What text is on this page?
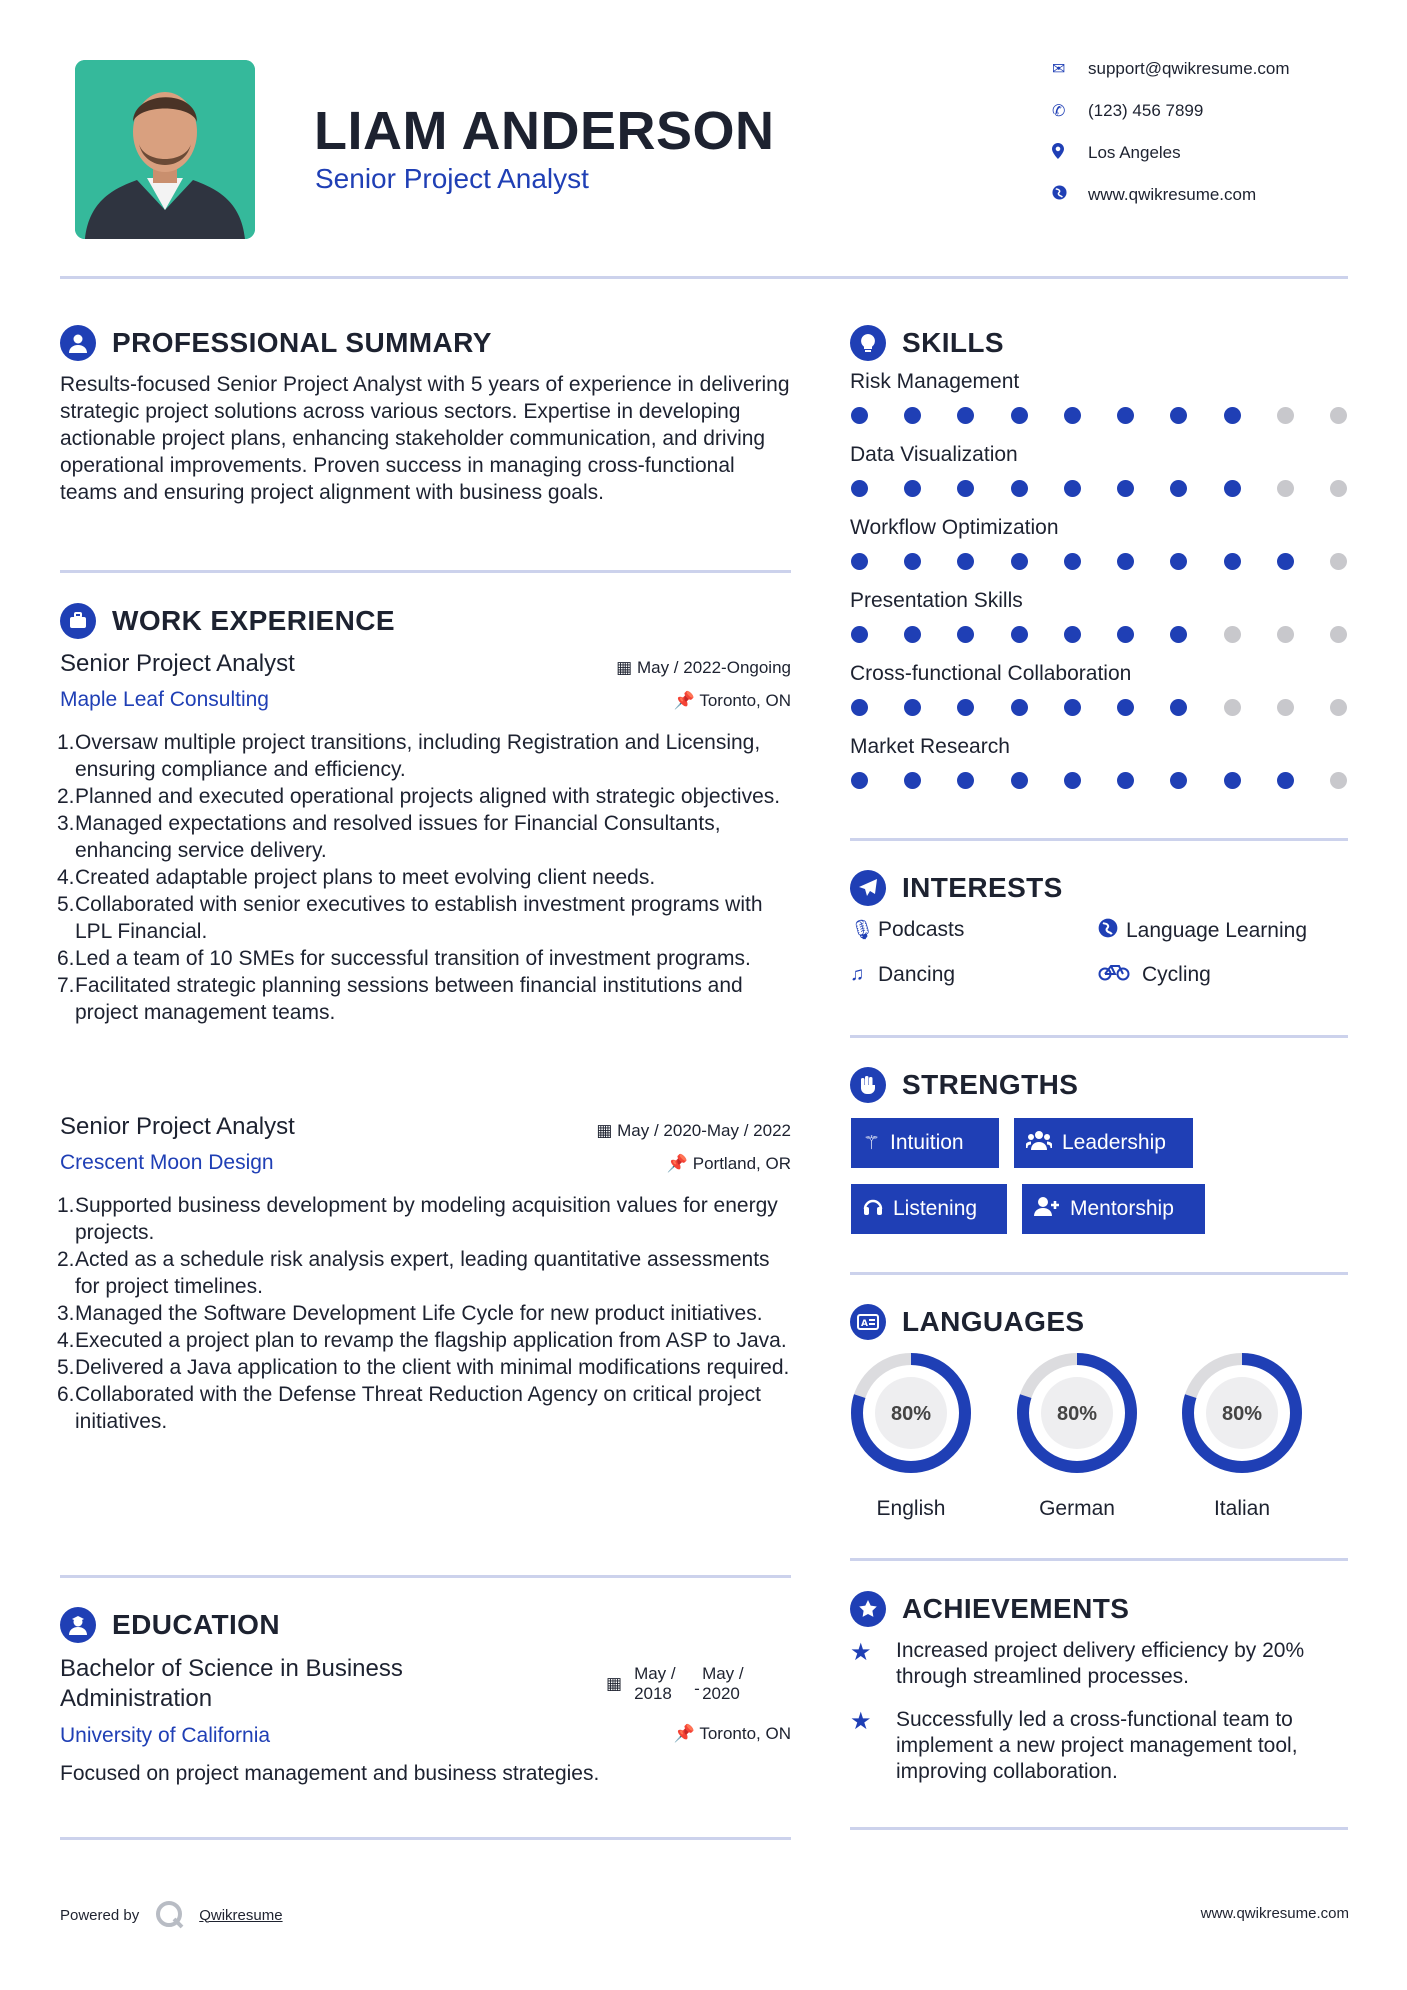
LIAM ANDERSON
Senior Project Analyst
✉	support@qwikresume.com
✆	(123) 456 7899
Los Angeles
www.qwikresume.com
PROFESSIONAL SUMMARY
Results-focused Senior Project Analyst with 5 years of experience in delivering strategic project solutions across various sectors. Expertise in developing actionable project plans, enhancing stakeholder communication, and driving operational improvements. Proven success in managing cross-functional teams and ensuring project alignment with business goals.
WORK EXPERIENCE
Senior Project Analyst
Maple Leaf Consulting
▦ May / 2022-Ongoing
📌 Toronto, ON
1. Oversaw multiple project transitions, including Registration and Licensing, ensuring compliance and efficiency.
2. Planned and executed operational projects aligned with strategic objectives.
3. Managed expectations and resolved issues for Financial Consultants, enhancing service delivery.
4. Created adaptable project plans to meet evolving client needs.
5. Collaborated with senior executives to establish investment programs with LPL Financial.
6. Led a team of 10 SMEs for successful transition of investment programs.
7. Facilitated strategic planning sessions between financial institutions and project management teams.
Senior Project Analyst
Crescent Moon Design
▦ May / 2020-May / 2022
📌 Portland, OR
1. Supported business development by modeling acquisition values for energy projects.
2. Acted as a schedule risk analysis expert, leading quantitative assessments for project timelines.
3. Managed the Software Development Life Cycle for new product initiatives.
4. Executed a project plan to revamp the flagship application from ASP to Java.
5. Delivered a Java application to the client with minimal modifications required.
6. Collaborated with the Defense Threat Reduction Agency on critical project initiatives.
EDUCATION
Bachelor of Science in Business Administration
University of California
▦
May / 2018	-
May / 2020
📌 Toronto, ON
Focused on project management and business strategies.
SKILLS
Risk Management
Data Visualization
Workflow Optimization
Presentation Skills
Cross-functional Collaboration
Market Research
INTERESTS
🎙 Podcasts	Language Learning
♫ Dancing	Cycling
STRENGTHS
⚚ Intuition	Leadership
Listening	Mentorship
A LANGUAGES
80%
English
80%
German
80%
Italian
ACHIEVEMENTS
★	Increased project delivery efficiency by 20% through streamlined processes.
★	Successfully led a cross-functional team to implement a new project management tool, improving collaboration.
Powered by	Qwikresume	www.qwikresume.com
